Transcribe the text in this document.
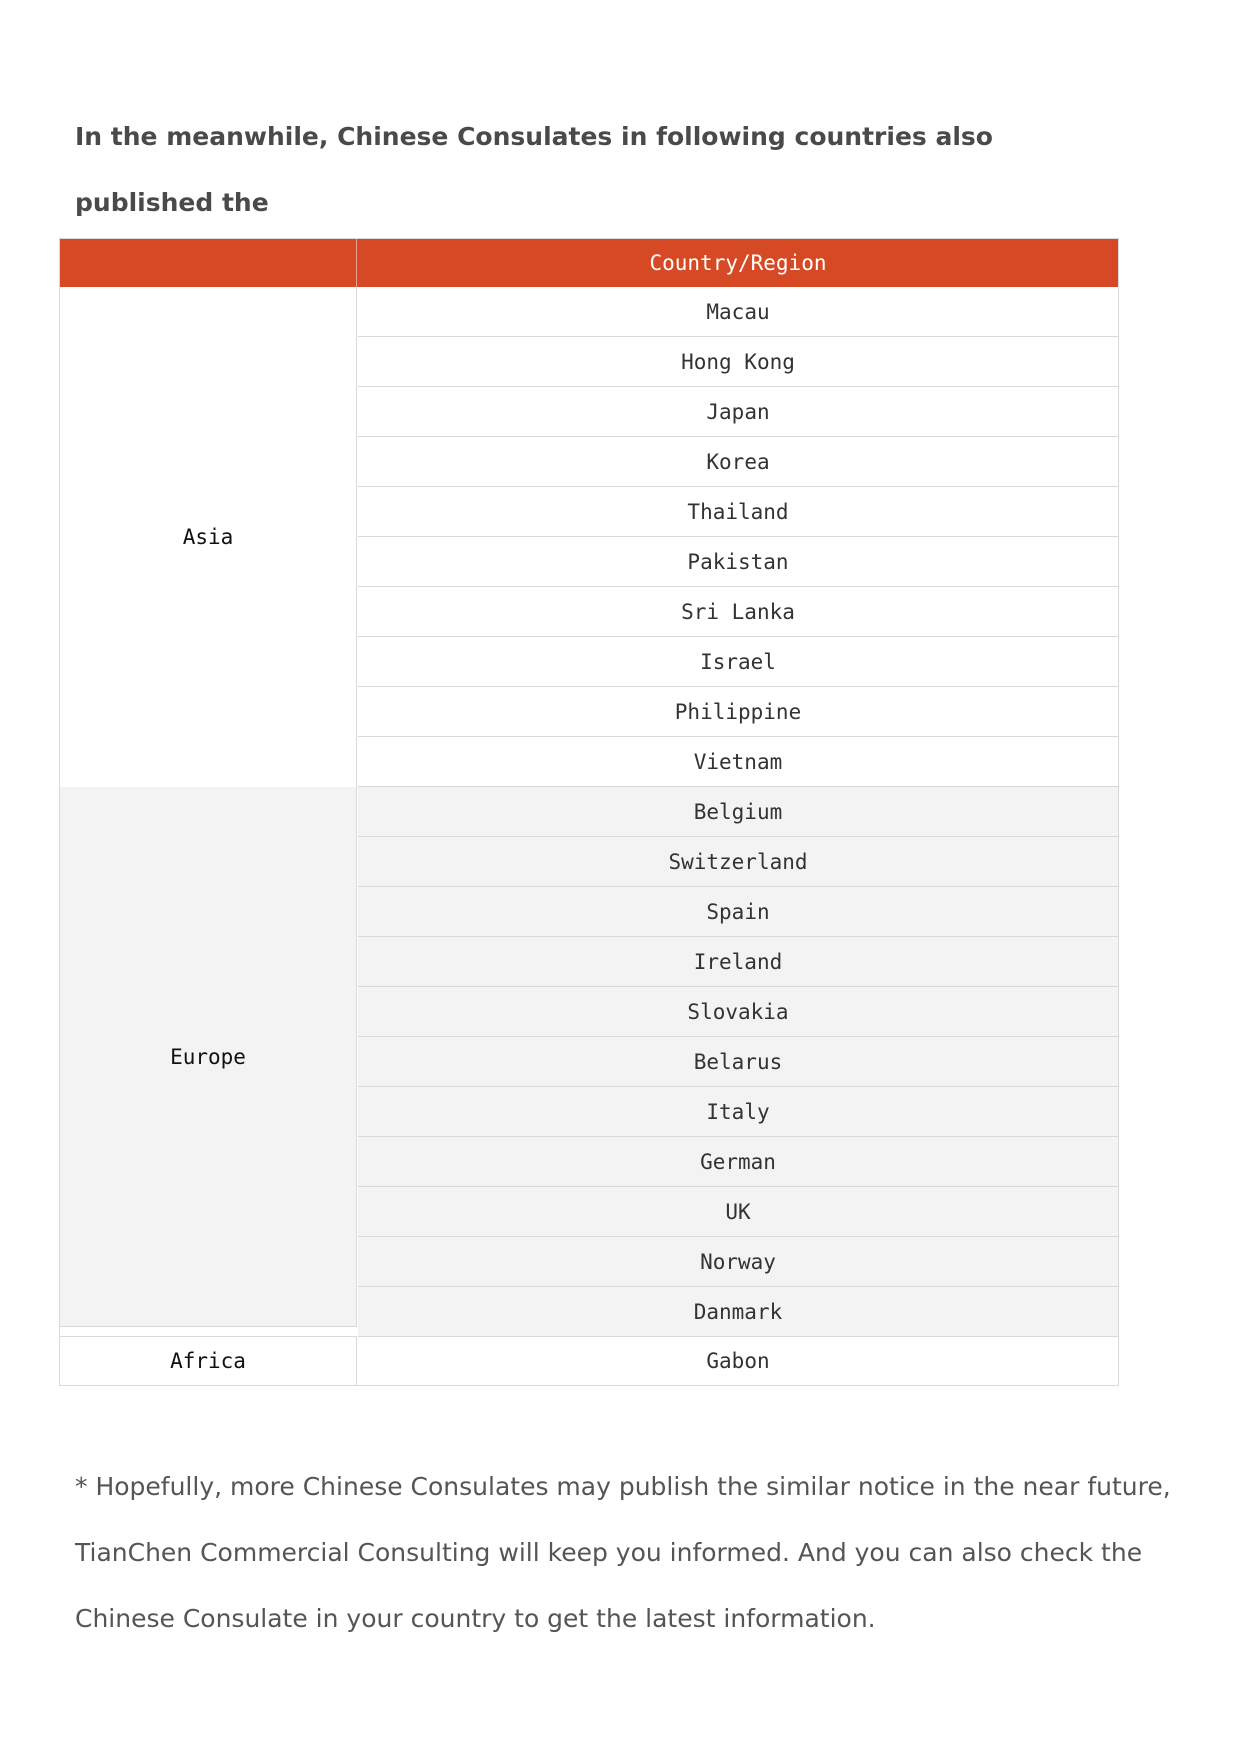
In the meanwhile, Chinese Consulates in following countries also published the

Country/Region
Asia
Europe
Africa
Macau
Hong Kong
Japan
Korea
Thailand
Pakistan
Sri Lanka
Israel
Philippine
Vietnam
Belgium
Switzerland
Spain
Ireland
Slovakia
Belarus
Italy
German
UK
Norway
Danmark
Gabon

* Hopefully, more Chinese Consulates may publish the similar notice in the near future,
TianChen Commercial Consulting will keep you informed. And you can also check the
Chinese Consulate in your country to get the latest information.
